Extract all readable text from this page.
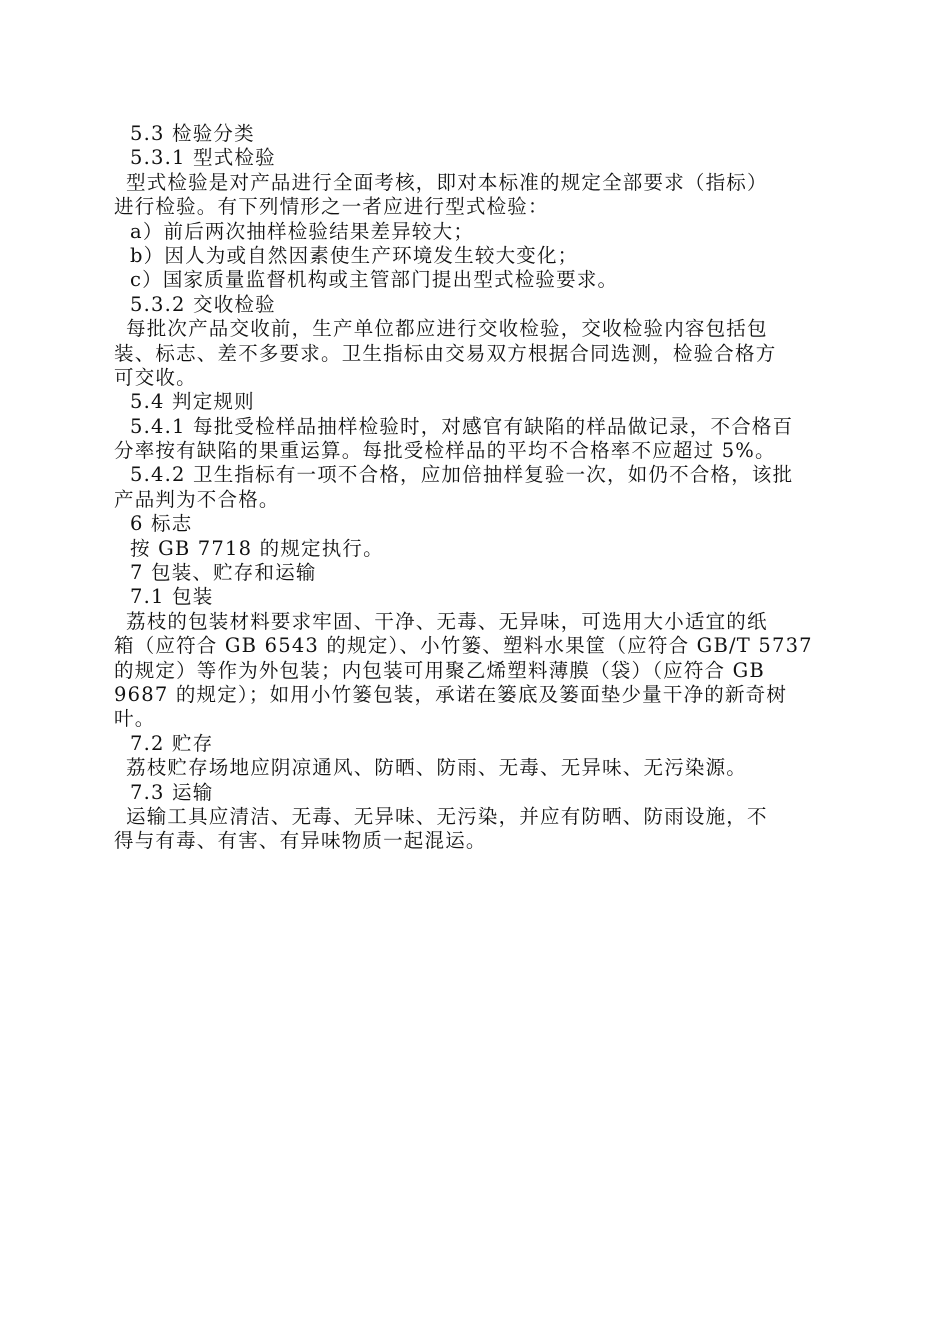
5.3 检验分类
5.3.1 型式检验
型式检验是对产品进行全面考核，即对本标准的规定全部要求（指标）
进行检验。有下列情形之一者应进行型式检验：
a）前后两次抽样检验结果差异较大；
b）因人为或自然因素使生产环境发生较大变化；
c）国家质量监督机构或主管部门提出型式检验要求。
5.3.2 交收检验
每批次产品交收前，生产单位都应进行交收检验，交收检验内容包括包
装、标志、差不多要求。卫生指标由交易双方根据合同选测，检验合格方
可交收。
5.4 判定规则
5.4.1 每批受检样品抽样检验时，对感官有缺陷的样品做记录，不合格百
分率按有缺陷的果重运算。每批受检样品的平均不合格率不应超过 5%。
5.4.2 卫生指标有一项不合格，应加倍抽样复验一次，如仍不合格，该批
产品判为不合格。
6 标志
按 GB 7718 的规定执行。
7 包装、贮存和运输
7.1 包装
荔枝的包装材料要求牢固、干净、无毒、无异味，可选用大小适宜的纸
箱（应符合 GB 6543 的规定）、小竹篓、塑料水果筐（应符合 GB/T 5737
的规定）等作为外包装；内包装可用聚乙烯塑料薄膜（袋）（应符合 GB
9687 的规定）；如用小竹篓包装，承诺在篓底及篓面垫少量干净的新奇树
叶。
7.2 贮存
荔枝贮存场地应阴凉通风、防晒、防雨、无毒、无异味、无污染源。
7.3 运输
运输工具应清洁、无毒、无异味、无污染，并应有防晒、防雨设施，不
得与有毒、有害、有异味物质一起混运。
